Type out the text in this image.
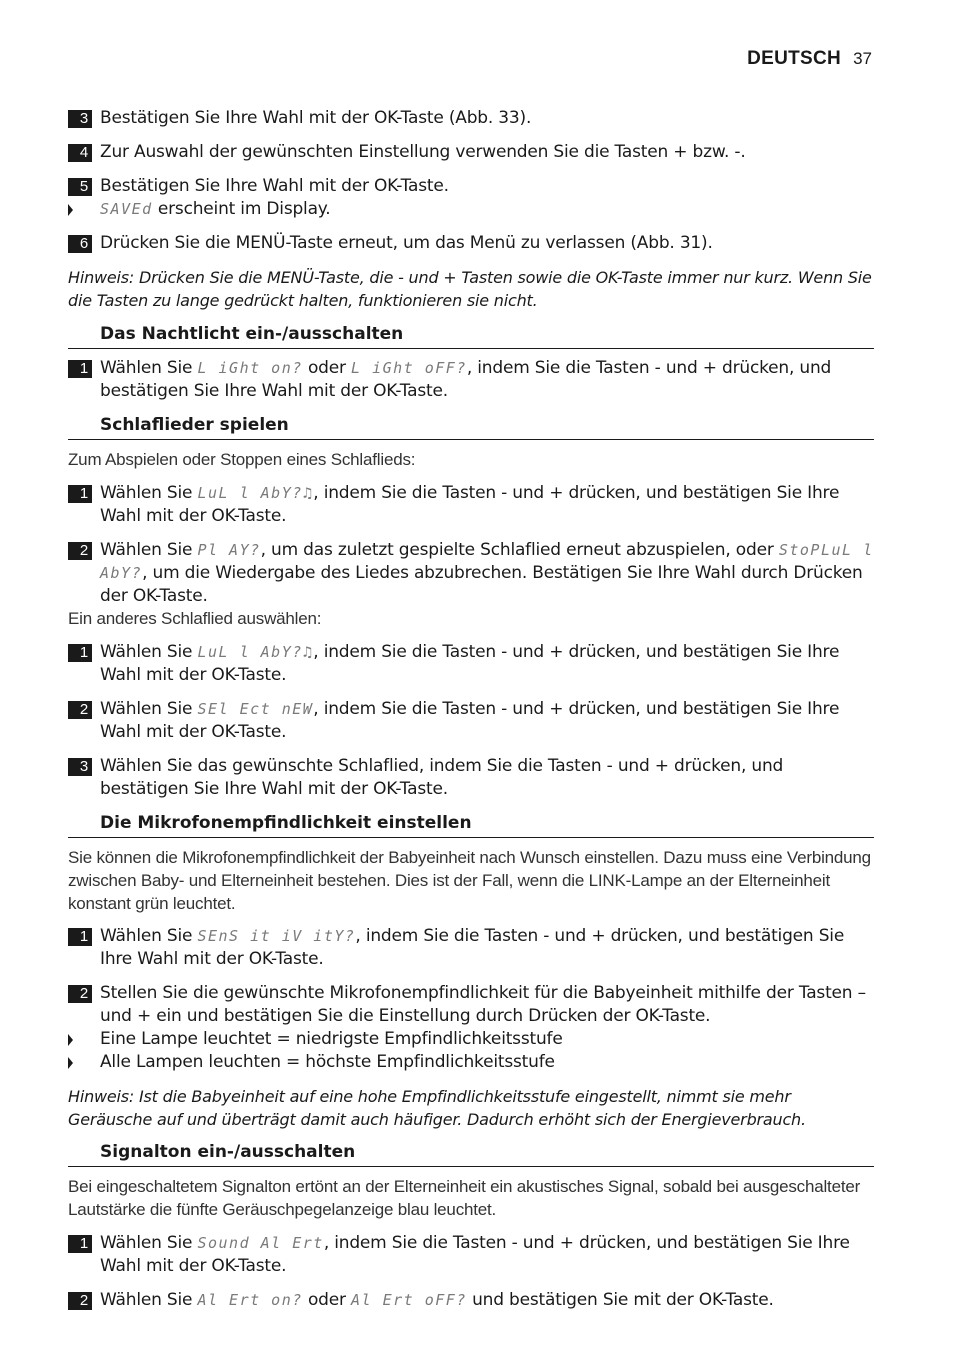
DEUTSCH 37
3 Bestätigen Sie Ihre Wahl mit der OK-Taste (Abb. 33).
4 Zur Auswahl der gewünschten Einstellung verwenden Sie die Tasten + bzw. -.
5 Bestätigen Sie Ihre Wahl mit der OK-Taste.
SAVEd erscheint im Display.
6 Drücken Sie die MENÜ-Taste erneut, um das Menü zu verlassen (Abb. 31).
Hinweis: Drücken Sie die MENÜ-Taste, die - und + Tasten sowie die OK-Taste immer nur kurz. Wenn Sie die Tasten zu lange gedrückt halten, funktionieren sie nicht.
Das Nachtlicht ein-/ausschalten
1 Wählen Sie L iGht on? oder L iGht oFF?, indem Sie die Tasten - und + drücken, und bestätigen Sie Ihre Wahl mit der OK-Taste.
Schlaflieder spielen
Zum Abspielen oder Stoppen eines Schlaflieds:
1 Wählen Sie LuL l AbY?♫, indem Sie die Tasten - und + drücken, und bestätigen Sie Ihre Wahl mit der OK-Taste.
2 Wählen Sie Pl AY?, um das zuletzt gespielte Schlaflied erneut abzuspielen, oder StoPLuL l AbY?, um die Wiedergabe des Liedes abzubrechen. Bestätigen Sie Ihre Wahl durch Drücken der OK-Taste.
Ein anderes Schlaflied auswählen:
1 Wählen Sie LuL l AbY?♫, indem Sie die Tasten - und + drücken, und bestätigen Sie Ihre Wahl mit der OK-Taste.
2 Wählen Sie SEl Ect nEW, indem Sie die Tasten - und + drücken, und bestätigen Sie Ihre Wahl mit der OK-Taste.
3 Wählen Sie das gewünschte Schlaflied, indem Sie die Tasten - und + drücken, und bestätigen Sie Ihre Wahl mit der OK-Taste.
Die Mikrofonempfindlichkeit einstellen
Sie können die Mikrofonempfindlichkeit der Babyeinheit nach Wunsch einstellen. Dazu muss eine Verbindung zwischen Baby- und Elterneinheit bestehen. Dies ist der Fall, wenn die LINK-Lampe an der Elterneinheit konstant grün leuchtet.
1 Wählen Sie SEnS it iV itY?, indem Sie die Tasten - und + drücken, und bestätigen Sie Ihre Wahl mit der OK-Taste.
2 Stellen Sie die gewünschte Mikrofonempfindlichkeit für die Babyeinheit mithilfe der Tasten – und + ein und bestätigen Sie die Einstellung durch Drücken der OK-Taste.
Eine Lampe leuchtet = niedrigste Empfindlichkeitsstufe
Alle Lampen leuchten = höchste Empfindlichkeitsstufe
Hinweis: Ist die Babyeinheit auf eine hohe Empfindlichkeitsstufe eingestellt, nimmt sie mehr Geräusche auf und überträgt damit auch häufiger. Dadurch erhöht sich der Energieverbrauch.
Signalton ein-/ausschalten
Bei eingeschaltetem Signalton ertönt an der Elterneinheit ein akustisches Signal, sobald bei ausgeschalteter Lautstärke die fünfte Geräuschpegelanzeige blau leuchtet.
1 Wählen Sie Sound Al Ert, indem Sie die Tasten - und + drücken, und bestätigen Sie Ihre Wahl mit der OK-Taste.
2 Wählen Sie Al Ert on? oder Al Ert oFF? und bestätigen Sie mit der OK-Taste.
